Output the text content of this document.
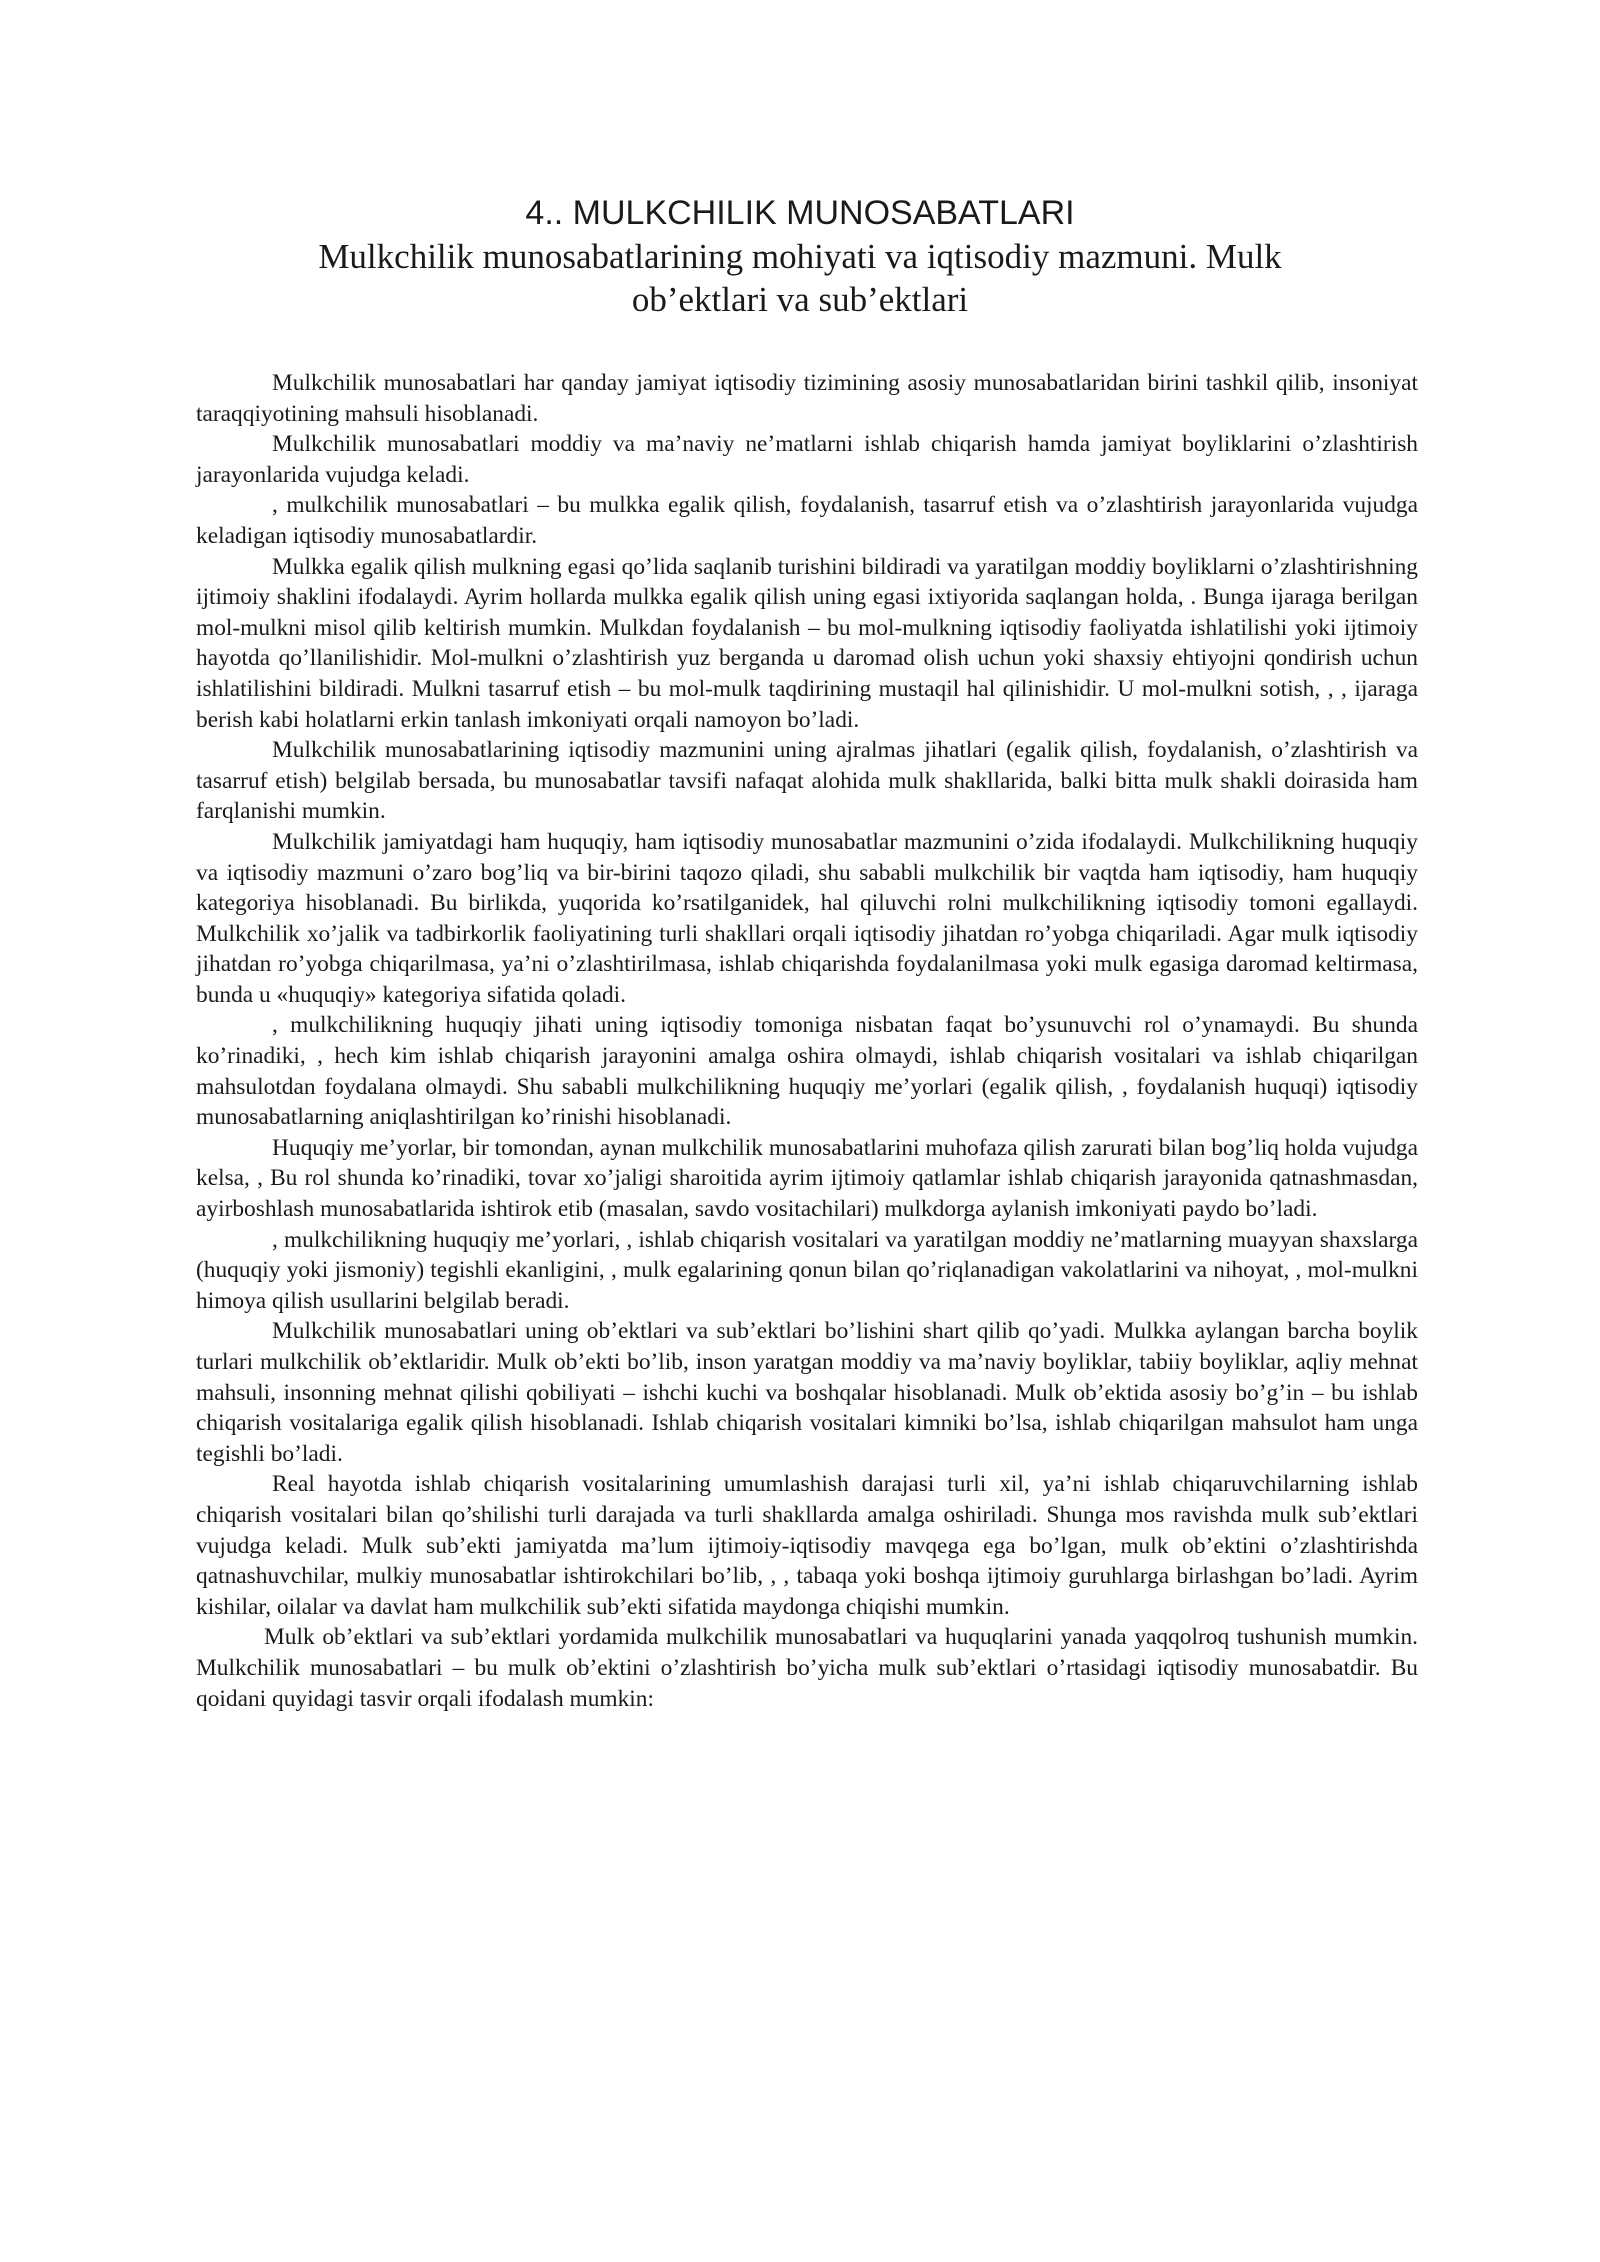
4.. MULKCHILIK MUNOSABATLARI
Mulkchilik munosabatlarining mohiyati va iqtisodiy mazmuni. Mulk
ob’ektlari va sub’ektlari

Mulkchilik munosabatlari har qanday jamiyat iqtisodiy tizimining asosiy munosabatlaridan birini tashkil qilib, insoniyat taraqqiyotining mahsuli hisoblanadi.

Mulkchilik munosabatlari moddiy va ma’naviy ne’matlarni ishlab chiqarish hamda jamiyat boyliklarini o’zlashtirish jarayonlarida vujudga keladi.

, mulkchilik munosabatlari – bu mulkka egalik qilish, foydalanish, tasarruf etish va o’zlashtirish jarayonlarida vujudga keladigan iqtisodiy munosabatlardir.

Mulkka egalik qilish mulkning egasi qo’lida saqlanib turishini bildiradi va yaratilgan moddiy boyliklarni o’zlashtirishning ijtimoiy shaklini ifodalaydi. Ayrim hollarda mulkka egalik qilish uning egasi ixtiyorida saqlangan holda, . Bunga ijaraga berilgan mol-mulkni misol qilib keltirish mumkin. Mulkdan foydalanish – bu mol-mulkning iqtisodiy faoliyatda ishlatilishi yoki ijtimoiy hayotda qo’llanilishidir. Mol-mulkni o’zlashtirish yuz berganda u daromad olish uchun yoki shaxsiy ehtiyojni qondirish uchun ishlatilishini bildiradi. Mulkni tasarruf etish – bu mol-mulk taqdirining mustaqil hal qilinishidir. U mol-mulkni sotish, , , ijaraga berish kabi holatlarni erkin tanlash imkoniyati orqali namoyon bo’ladi.

Mulkchilik munosabatlarining iqtisodiy mazmunini uning ajralmas jihatlari (egalik qilish, foydalanish, o’zlashtirish va tasarruf etish) belgilab bersada, bu munosabatlar tavsifi nafaqat alohida mulk shakllarida, balki bitta mulk shakli doirasida ham farqlanishi mumkin.

Mulkchilik jamiyatdagi ham huquqiy, ham iqtisodiy munosabatlar mazmunini o’zida ifodalaydi. Mulkchilikning huquqiy va iqtisodiy mazmuni o’zaro bog’liq va bir-birini taqozo qiladi, shu sababli mulkchilik bir vaqtda ham iqtisodiy, ham huquqiy kategoriya hisoblanadi. Bu birlikda, yuqorida ko’rsatilganidek, hal qiluvchi rolni mulkchilikning iqtisodiy tomoni egallaydi. Mulkchilik xo’jalik va tadbirkorlik faoliyatining turli shakllari orqali iqtisodiy jihatdan ro’yobga chiqariladi. Agar mulk iqtisodiy jihatdan ro’yobga chiqarilmasa, ya’ni o’zlashtirilmasa, ishlab chiqarishda foydalanilmasa yoki mulk egasiga daromad keltirmasa, bunda u «huquqiy» kategoriya sifatida qoladi.

, mulkchilikning huquqiy jihati uning iqtisodiy tomoniga nisbatan faqat bo’ysunuvchi rol o’ynamaydi. Bu shunda ko’rinadiki, , hech kim ishlab chiqarish jarayonini amalga oshira olmaydi, ishlab chiqarish vositalari va ishlab chiqarilgan mahsulotdan foydalana olmaydi. Shu sababli mulkchilikning huquqiy me’yorlari (egalik qilish, , foydalanish huquqi) iqtisodiy munosabatlarning aniqlashtirilgan ko’rinishi hisoblanadi.

Huquqiy me’yorlar, bir tomondan, aynan mulkchilik munosabatlarini muhofaza qilish zarurati bilan bog’liq holda vujudga kelsa, , Bu rol shunda ko’rinadiki, tovar xo’jaligi sharoitida ayrim ijtimoiy qatlamlar ishlab chiqarish jarayonida qatnashmasdan, ayirboshlash munosabatlarida ishtirok etib (masalan, savdo vositachilari) mulkdorga aylanish imkoniyati paydo bo’ladi.

, mulkchilikning huquqiy me’yorlari, , ishlab chiqarish vositalari va yaratilgan moddiy ne’matlarning muayyan shaxslarga (huquqiy yoki jismoniy) tegishli ekanligini, , mulk egalarining qonun bilan qo’riqlanadigan vakolatlarini va nihoyat, , mol-mulkni himoya qilish usullarini belgilab beradi.

Mulkchilik munosabatlari uning ob’ektlari va sub’ektlari bo’lishini shart qilib qo’yadi. Mulkka aylangan barcha boylik turlari mulkchilik ob’ektlaridir. Mulk ob’ekti bo’lib, inson yaratgan moddiy va ma’naviy boyliklar, tabiiy boyliklar, aqliy mehnat mahsuli, insonning mehnat qilishi qobiliyati – ishchi kuchi va boshqalar hisoblanadi. Mulk ob’ektida asosiy bo’g’in – bu ishlab chiqarish vositalariga egalik qilish hisoblanadi. Ishlab chiqarish vositalari kimniki bo’lsa, ishlab chiqarilgan mahsulot ham unga tegishli bo’ladi.

Real hayotda ishlab chiqarish vositalarining umumlashish darajasi turli xil, ya’ni ishlab chiqaruvchilarning ishlab chiqarish vositalari bilan qo’shilishi turli darajada va turli shakllarda amalga oshiriladi. Shunga mos ravishda mulk sub’ektlari vujudga keladi. Mulk sub’ekti jamiyatda ma’lum ijtimoiy-iqtisodiy mavqega ega bo’lgan, mulk ob’ektini o’zlashtirishda qatnashuvchilar, mulkiy munosabatlar ishtirokchilari bo’lib, , , tabaqa yoki boshqa ijtimoiy guruhlarga birlashgan bo’ladi. Ayrim kishilar, oilalar va davlat ham mulkchilik sub’ekti sifatida maydonga chiqishi mumkin.

Mulk ob’ektlari va sub’ektlari yordamida mulkchilik munosabatlari va huquqlarini yanada yaqqolroq tushunish mumkin. Mulkchilik munosabatlari – bu mulk ob’ektini o’zlashtirish bo’yicha mulk sub’ektlari o’rtasidagi iqtisodiy munosabatdir. Bu qoidani quyidagi tasvir orqali ifodalash mumkin:
